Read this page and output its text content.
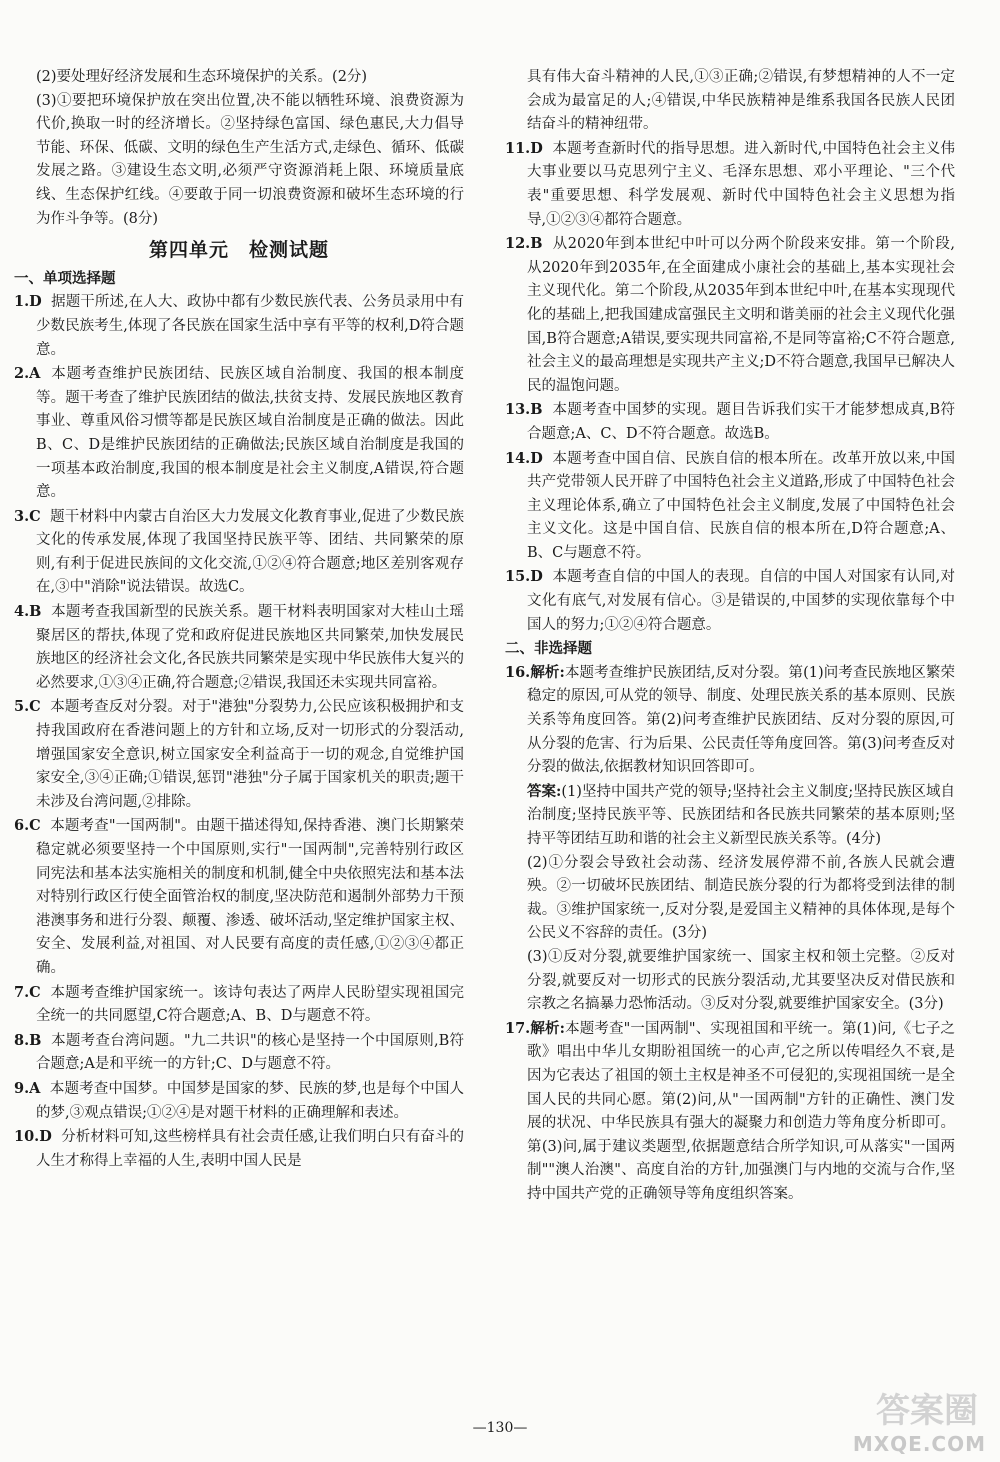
(2)要处理好经济发展和生态环境保护的关系。(2分)

(3)①要把环境保护放在突出位置,决不能以牺牲环境、浪费资源为代价,换取一时的经济增长。②坚持绿色富国、绿色惠民,大力倡导节能、环保、低碳、文明的绿色生产生活方式,走绿色、循环、低碳发展之路。③建设生态文明,必须严守资源消耗上限、环境质量底线、生态保护红线。④要敢于同一切浪费资源和破坏生态环境的行为作斗争等。(8分)

第四单元　检测试题

一、单项选择题

1.D 据题干所述,在人大、政协中都有少数民族代表、公务员录用中有少数民族考生,体现了各民族在国家生活中享有平等的权利,D符合题意。

2.A 本题考查维护民族团结、民族区域自治制度、我国的根本制度等。题干考查了维护民族团结的做法,扶贫支持、发展民族地区教育事业、尊重风俗习惯等都是民族区域自治制度是正确的做法。因此B、C、D是维护民族团结的正确做法;民族区域自治制度是我国的一项基本政治制度,我国的根本制度是社会主义制度,A错误,符合题意。

3.C 题干材料中内蒙古自治区大力发展文化教育事业,促进了少数民族文化的传承发展,体现了我国坚持民族平等、团结、共同繁荣的原则,有利于促进民族间的文化交流,①②④符合题意;地区差别客观存在,③中"消除"说法错误。故选C。

4.B 本题考查我国新型的民族关系。题干材料表明国家对大桂山土瑶聚居区的帮扶,体现了党和政府促进民族地区共同繁荣,加快发展民族地区的经济社会文化,各民族共同繁荣是实现中华民族伟大复兴的必然要求,①③④正确,符合题意;②错误,我国还未实现共同富裕。

5.C 本题考查反对分裂。对于"港独"分裂势力,公民应该积极拥护和支持我国政府在香港问题上的方针和立场,反对一切形式的分裂活动,增强国家安全意识,树立国家安全利益高于一切的观念,自觉维护国家安全,③④正确;①错误,惩罚"港独"分子属于国家机关的职责;题干未涉及台湾问题,②排除。

6.C 本题考查"一国两制"。由题干描述得知,保持香港、澳门长期繁荣稳定就必须要坚持一个中国原则,实行"一国两制",完善特别行政区同宪法和基本法实施相关的制度和机制,健全中央依照宪法和基本法对特别行政区行使全面管治权的制度,坚决防范和遏制外部势力干预港澳事务和进行分裂、颠覆、渗透、破坏活动,坚定维护国家主权、安全、发展利益,对祖国、对人民要有高度的责任感,①②③④都正确。

7.C 本题考查维护国家统一。该诗句表达了两岸人民盼望实现祖国完全统一的共同愿望,C符合题意;A、B、D与题意不符。

8.B 本题考查台湾问题。"九二共识"的核心是坚持一个中国原则,B符合题意;A是和平统一的方针;C、D与题意不符。

9.A 本题考查中国梦。中国梦是国家的梦、民族的梦,也是每个中国人的梦,③观点错误;①②④是对题干材料的正确理解和表述。

10.D 分析材料可知,这些榜样具有社会责任感,让我们明白只有奋斗的人生才称得上幸福的人生,表明中国人民是

具有伟大奋斗精神的人民,①③正确;②错误,有梦想精神的人不一定会成为最富足的人;④错误,中华民族精神是维系我国各民族人民团结奋斗的精神纽带。

11.D 本题考查新时代的指导思想。进入新时代,中国特色社会主义伟大事业要以马克思列宁主义、毛泽东思想、邓小平理论、"三个代表"重要思想、科学发展观、新时代中国特色社会主义思想为指导,①②③④都符合题意。

12.B 从2020年到本世纪中叶可以分两个阶段来安排。第一个阶段,从2020年到2035年,在全面建成小康社会的基础上,基本实现社会主义现代化。第二个阶段,从2035年到本世纪中叶,在基本实现现代化的基础上,把我国建成富强民主文明和谐美丽的社会主义现代化强国,B符合题意;A错误,要实现共同富裕,不是同等富裕;C不符合题意,社会主义的最高理想是实现共产主义;D不符合题意,我国早已解决人民的温饱问题。

13.B 本题考查中国梦的实现。题目告诉我们实干才能梦想成真,B符合题意;A、C、D不符合题意。故选B。

14.D 本题考查中国自信、民族自信的根本所在。改革开放以来,中国共产党带领人民开辟了中国特色社会主义道路,形成了中国特色社会主义理论体系,确立了中国特色社会主义制度,发展了中国特色社会主义文化。这是中国自信、民族自信的根本所在,D符合题意;A、B、C与题意不符。

15.D 本题考查自信的中国人的表现。自信的中国人对国家有认同,对文化有底气,对发展有信心。③是错误的,中国梦的实现依靠每个中国人的努力;①②④符合题意。

二、非选择题

16.解析:本题考查维护民族团结,反对分裂。第(1)问考查民族地区繁荣稳定的原因,可从党的领导、制度、处理民族关系的基本原则、民族关系等角度回答。第(2)问考查维护民族团结、反对分裂的原因,可从分裂的危害、行为后果、公民责任等角度回答。第(3)问考查反对分裂的做法,依据教材知识回答即可。

答案:(1)坚持中国共产党的领导;坚持社会主义制度;坚持民族区域自治制度;坚持民族平等、民族团结和各民族共同繁荣的基本原则;坚持平等团结互助和谐的社会主义新型民族关系等。(4分)

(2)①分裂会导致社会动荡、经济发展停滞不前,各族人民就会遭殃。②一切破坏民族团结、制造民族分裂的行为都将受到法律的制裁。③维护国家统一,反对分裂,是爱国主义精神的具体体现,是每个公民义不容辞的责任。(3分)

(3)①反对分裂,就要维护国家统一、国家主权和领土完整。②反对分裂,就要反对一切形式的民族分裂活动,尤其要坚决反对借民族和宗教之名搞暴力恐怖活动。③反对分裂,就要维护国家安全。(3分)

17.解析:本题考查"一国两制"、实现祖国和平统一。第(1)问,《七子之歌》唱出中华儿女期盼祖国统一的心声,它之所以传唱经久不衰,是因为它表达了祖国的领土主权是神圣不可侵犯的,实现祖国统一是全国人民的共同心愿。第(2)问,从"一国两制"方针的正确性、澳门发展的状况、中华民族具有强大的凝聚力和创造力等角度分析即可。第(3)问,属于建议类题型,依据题意结合所学知识,可从落实"一国两制""澳人治澳"、高度自治的方针,加强澳门与内地的交流与合作,坚持中国共产党的正确领导等角度组织答案。

—130—	答案圈
MXQE.COM
